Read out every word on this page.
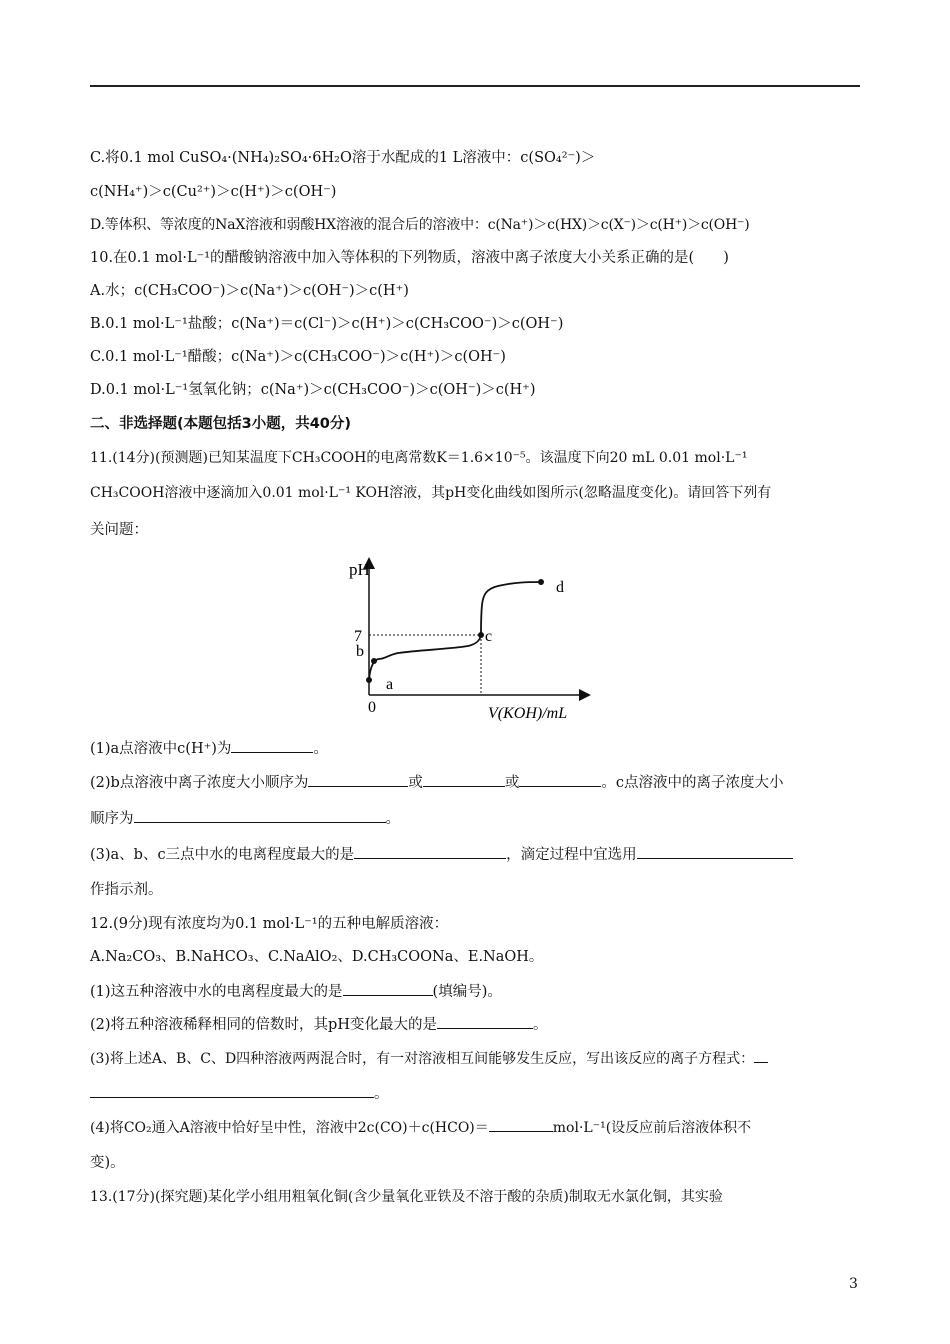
C.将0.1 mol CuSO₄·(NH₄)₂SO₄·6H₂O溶于水配成的1 L溶液中：c(SO₄²⁻)＞
c(NH₄⁺)＞c(Cu²⁺)＞c(H⁺)＞c(OH⁻)
D.等体积、等浓度的NaX溶液和弱酸HX溶液的混合后的溶液中：c(Na⁺)＞c(HX)＞c(X⁻)＞c(H⁺)＞c(OH⁻)
10.在0.1 mol·L⁻¹的醋酸钠溶液中加入等体积的下列物质，溶液中离子浓度大小关系正确的是(　　)
A.水；c(CH₃COO⁻)＞c(Na⁺)＞c(OH⁻)＞c(H⁺)
B.0.1 mol·L⁻¹盐酸；c(Na⁺)＝c(Cl⁻)＞c(H⁺)＞c(CH₃COO⁻)＞c(OH⁻)
C.0.1 mol·L⁻¹醋酸；c(Na⁺)＞c(CH₃COO⁻)＞c(H⁺)＞c(OH⁻)
D.0.1 mol·L⁻¹氢氧化钠；c(Na⁺)＞c(CH₃COO⁻)＞c(OH⁻)＞c(H⁺)
二、非选择题(本题包括3小题，共40分)
11.(14分)(预测题)已知某温度下CH₃COOH的电离常数K＝1.6×10⁻⁵。该温度下向20 mL 0.01 mol·L⁻¹
CH₃COOH溶液中逐滴加入0.01 mol·L⁻¹ KOH溶液，其pH变化曲线如图所示(忽略温度变化)。请回答下列有
关问题：
pH
0
7
a
b
c
d
V(KOH)/mL
(1)a点溶液中c(H⁺)为	。
(2)b点溶液中离子浓度大小顺序为	或	或	。c点溶液中的离子浓度大小
顺序为	。
(3)a、b、c三点中水的电离程度最大的是	，滴定过程中宜选用
作指示剂。
12.(9分)现有浓度均为0.1 mol·L⁻¹的五种电解质溶液：
A.Na₂CO₃、B.NaHCO₃、C.NaAlO₂、D.CH₃COONa、E.NaOH。
(1)这五种溶液中水的电离程度最大的是	(填编号)。
(2)将五种溶液稀释相同的倍数时，其pH变化最大的是	。
(3)将上述A、B、C、D四种溶液两两混合时，有一对溶液相互间能够发生反应，写出该反应的离子方程式：
。
(4)将CO₂通入A溶液中恰好呈中性，溶液中2c(CO)＋c(HCO)＝	mol·L⁻¹(设反应前后溶液体积不
变)。
13.(17分)(探究题)某化学小组用粗氧化铜(含少量氧化亚铁及不溶于酸的杂质)制取无水氯化铜，其实验
3
